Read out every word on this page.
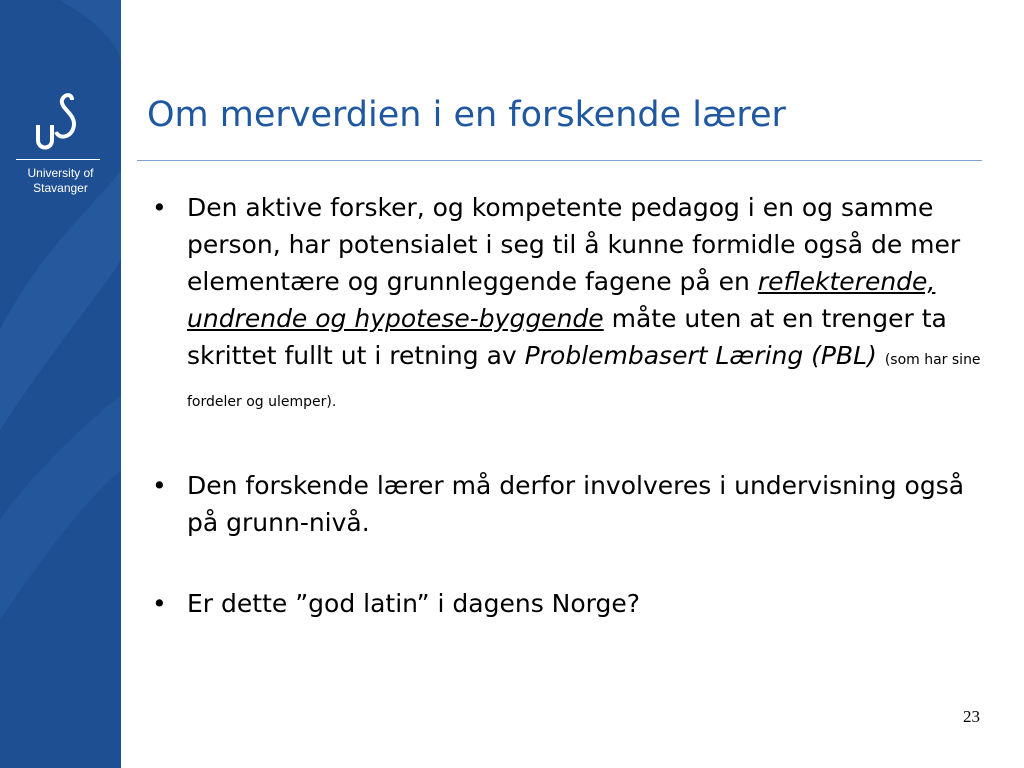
University of
Stavanger
Om merverdien i en forskende lærer
• Den aktive forsker, og kompetente pedagog i en og samme person, har potensialet i seg til å kunne formidle også de mer elementære og grunnleggende fagene på en reflekterende, undrende og hypotese-byggende måte uten at en trenger ta skrittet fullt ut i retning av Problembasert Læring (PBL) (som har sine fordeler og ulemper).
• Den forskende lærer må derfor involveres i undervisning også på grunn-nivå.
• Er dette ”god latin” i dagens Norge?
23
